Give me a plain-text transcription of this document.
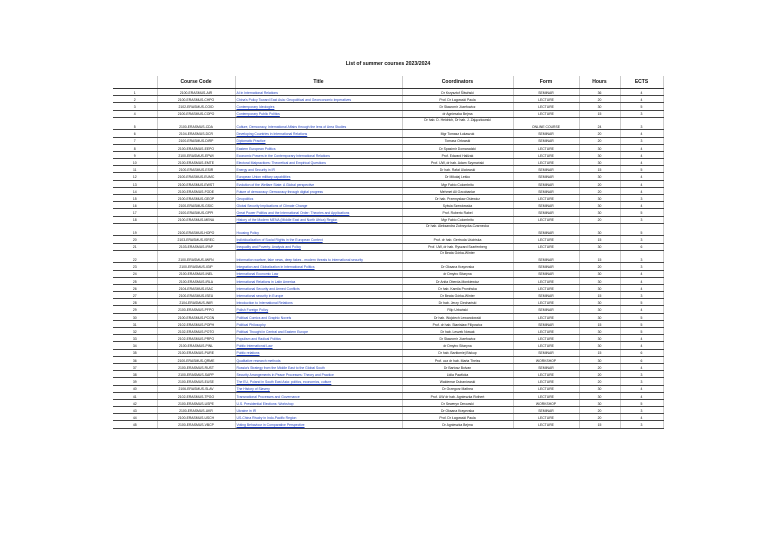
List of summer courses 2023/2024
	Course Code	Title	Coordinators	Form	Hours	ECTS
1	2100-ERASMUS-AIR	AI in International Relations	Dr Krzysztof Śliwiński	SEMINAR	36	4
2	2100-ERASMUS-CHPO	China's Policy Toward East Asia: Geopolitical and Geoeconomic Imperatives	Prof. Dr Łagowski Paula	LECTURE	20	4
3	2102-ERASMUS-COID	Contemporary Ideologies	Dr Sławomir Józefowicz	LECTURE	30	5
4	2100-ERASMUS-COPO	Contemporary Public Politics	dr Agnieszka Bejma	LECTURE	15	3
5	2100-ERASMUS-CDA	Culture, Democracy, International Affairs through the lens of Area Studies	Dr hab. D. Heidrich, Dr hab. J. Zajączkowski	ONLINE COURSE	24	3
6	2104-ERASMUS-DCR	Developing Countries in International Relations	Mgr Tomasz Łukaszuk	SEMINAR	20	4
7	2100-ERASMUS-DIRP	Diplomatic Practice	Tomasz Orłowski	SEMINAR	20	3
8	2100-ERASMUS-EEPO	Eastern European Politics	Dr Spasimir Domaradzki	LECTURE	30	4
9	2100-ERASMUS-EPWI	Economic Powers in the Contemporary International Relations	Prof. Edward Haliżak	LECTURE	30	4
10	2100-ERASMUS-EMTE	Electoral Malpractices: Theoretical and Empirical Questions	Prof. UW, dr hab. Adam Szymański	LECTURE	30	4
11	2100-ERASMUS-ESIR	Energy and Security in IR	Dr hab. Rafał Ulatowski	SEMINAR	15	5
12	2100-ERASMUS-EUMC	European Union military capabilities	Dr Mikołaj Leśko	SEMINAR	30	4
13	2100-ERASMUS-EWST	Evolution of the Welfare State: A Global perspective	Mgr Fabio Colombrito	SEMINAR	20	4
14	2100-ERASMUS-FODE	Future of democracy: Democracy through digital progress	Mehmet Ali Ozcobanlar	SEMINAR	20	4
15	2100-ERASMUS-GEOP	Geopolitics	Dr hab. Przemysław Ośiewicz	LECTURE	30	3
16	2100-ERASMUS-GSIC	Global Security Implications of Climate Change	Sylwia Szewłowska	SEMINAR	30	4
17	2100-ERASMUS-GPPI	Great Power Politics and the International Order: Theories and Applications	Prof. Roberto Rabel	SEMINAR	30	5
18	2100-ERASMUS-MENA	History of the Modern MENA (Middle East and North Africa) Region	Mgr Fabio Colombrito	LECTURE	20	3
19	2100-ERASMUS-HOPO	Housing Policy	Dr hab. Aleksandra Zubrzycka-Czarnecka	SEMINAR	30	5
20	2103-ERASMUS-ISREC	Individualization of Social Rights in the European Context	Prof. dr hab. Gertruda Uścińska	LECTURE	15	3
21	2103-ERASMUS-IPAP	Inequality and Poverty: Analysis and Policy	Prof. UW, dr hab. Ryszard Szarfenberg	LECTURE	30	6
22	2100-ERASMUS-IWFN	Information warfare, fake news, deep fakes - modern threats to international security	Dr Beata Górka-Winter	SEMINAR	15	3
23	2100-ERASMUS-IGIP	Integration and Globalization in International Politics	Dr Oksana Krayevska	SEMINAR	20	3
24	2100-ERASMUS-INEL	International Economic Law	dr Dmytro Sitaryna	SEMINAR	30	4
25	2100-ERASMUS-IRLA	International Relations in Latin America	Dr Anita Oberda-Monkiewicz	LECTURE	30	4
26	2104-ERASMUS-ISAC	International Security and Armed Conflicts	Dr hab. Kamila Pronińska	LECTURE	30	4
27	2100-ERASMUS-ISEU	International security in Europe	Dr Beata Górka-Winter	SEMINAR	15	3
28	2104-ERASMUS-INIR	Introduction to International Relations	Dr hab. Jerzy Ciechański	LECTURE	30	5
29	2100-ERASMUS-PFPO	Polish Foreign Policy	Filip Urbański	SEMINAR	30	4
30	2100-ERASMUS-PCGN	Political Comics and Graphic Novels	Dr hab. Wojciech Lewandowski	LECTURE	30	5
31	2102-ERASMUS-POPH	Political Philosophy	Prof. dr hab. Stanisław Filipowicz	SEMINAR	15	5
32	2102-ERASMUS-POTO	Political Thought in Central and Eastern Europe	Dr hab. Leszek Nowak	LECTURE	30	5
33	2102-ERASMUS-PRPO	Populism and Radical Politics	Dr Sławomir Józefowicz	LECTURE	30	4
34	2100-ERASMUS-PINL	Public International Law	dr Dmytro Sitaryna	LECTURE	30	4
35	2100-ERASMUS-PURE	Public relations	Dr hab. Bartłomiej Biskup	SEMINAR	15	6
36	2100-ERASMUS-QRME	Qualitative research methods	Prof. ucz dr hab. Marta Theiss	WORKSHOP	30	6
37	2100-ERASMUS-RUST	Russia's Strategy from the Middle East to the Global South	Dr Bartosz Bolvan	SEMINAR	20	4
38	2100-ERASMUS-SAPP	Security Arrangements in Peace Processes: Theory and Practice	Lidia Pawlicka	LECTURE	20	3
39	2100-ERASMUS-EUSE	The EU, Poland in South East Asia: politics, economics, culture	Waldemar Dubaniowski	LECTURE	20	3
40	2106-ERASMUS-SLAV	The History of Slavery	Dr Grzegorz Mathea	LECTURE	30	4
41	2102-ERASMUS-TPGO	Transnational Processes and Governance	Prof. UW dr hab. Agnieszka Rothert	LECTURE	30	4
42	2100-ERASMUS-USPE	U.S. Presidential Elections: Workshop	Dr Seweryn Dmowski	WORKSHOP	30	5
43	2100-ERASMUS-UKR	Ukraine in IR	Dr Oksana Krayevska	SEMINAR	20	3
44	2100-ERASMUS-USCH	US-China Rivalry in Indo-Pacific Region	Prof. Dr Łagowski Paula	LECTURE	20	4
45	2100-ERASMUS-VBCP	Voting Behaviour in Comparative Perspective	Dr Agnieszka Bejma	LECTURE	15	3
